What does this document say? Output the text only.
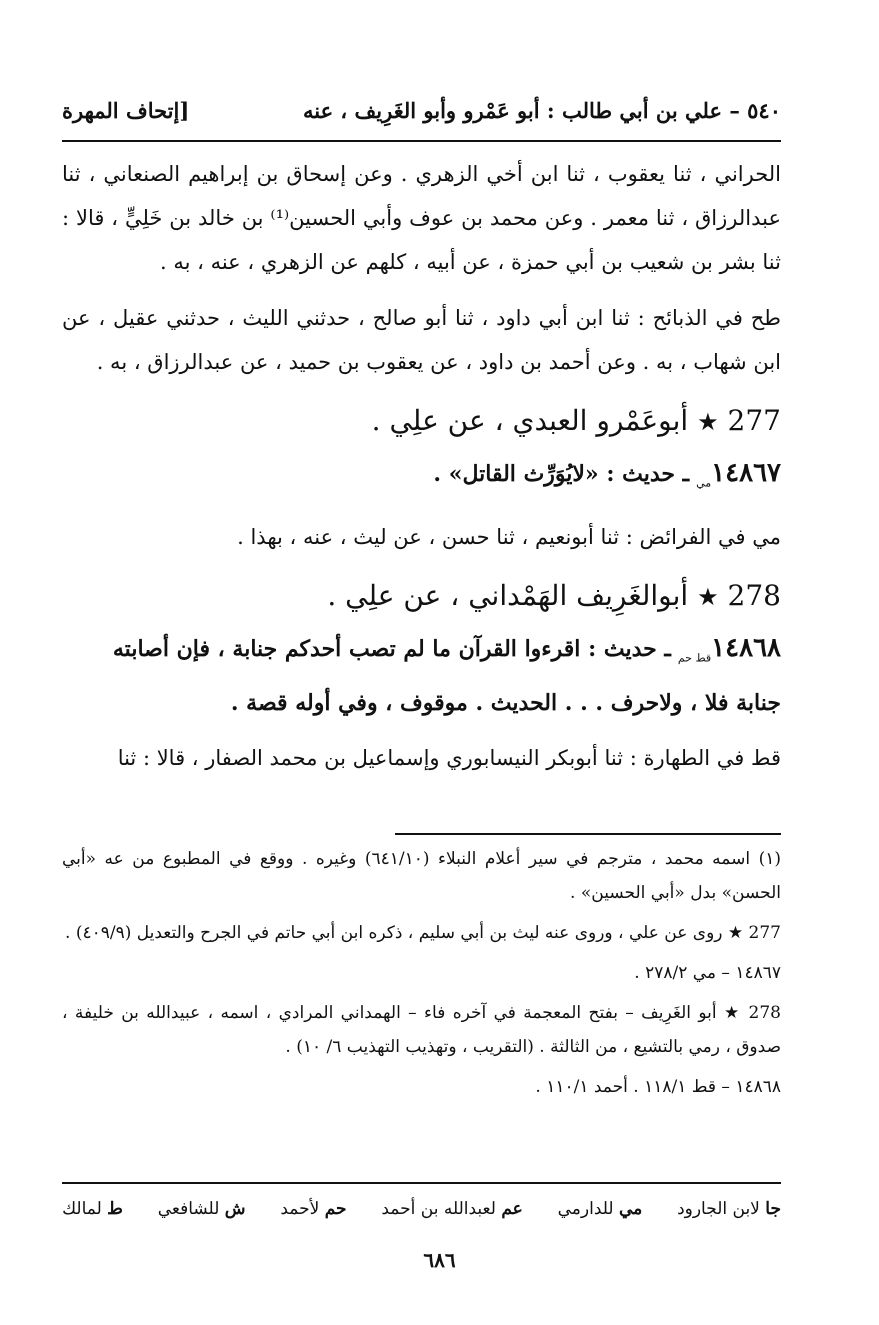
٥٤٠ – علي بن أبي طالب : أبو عَمْرو وأبو الغَرِيف ، عنه
[إتحاف المهرة

الحراني ، ثنا يعقوب ، ثنا ابن أخي الزهري . وعن إسحاق بن إبراهيم الصنعاني ، ثنا عبدالرزاق ، ثنا معمر . وعن محمد بن عوف وأبي الحسين⁽¹⁾ بن خالد بن خَلِيٍّ ، قالا : ثنا بشر بن شعيب بن أبي حمزة ، عن أبيه ، كلهم عن الزهري ، عنه ، به .

طح في الذبائح : ثنا ابن أبي داود ، ثنا أبو صالح ، حدثني الليث ، حدثني عقيل ، عن ابن شهاب ، به . وعن أحمد بن داود ، عن يعقوب بن حميد ، عن عبدالرزاق ، به .

277 ★ أبوعَمْرو العبدي ، عن علِي .
$١٤٨٦٧_{مي}$ ـ حديث : «لايُوَرِّث القاتل» .

مي في الفرائض : ثنا أبونعيم ، ثنا حسن ، عن ليث ، عنه ، بهذا .

278 ★ أبوالغَرِيف الهَمْداني ، عن علِي .
$١٤٨٦٨_{قط حم}$ ـ حديث : اقرءوا القرآن ما لم تصب أحدكم جنابة ، فإن أصابته جنابة فلا ، ولاحرف . . . الحديث . موقوف ، وفي أوله قصة .

قط في الطهارة : ثنا أبوبكر النيسابوري وإسماعيل بن محمد الصفار ، قالا : ثنا

(١) اسمه محمد ، مترجم في سير أعلام النبلاء (٦٤١/١٠) وغيره . ووقع في المطبوع من عه «أبي الحسن» بدل «أبي الحسين» .

277 ★ روى عن علي ، وروى عنه ليث بن أبي سليم ، ذكره ابن أبي حاتم في الجرح والتعديل (٤٠٩/٩) .

١٤٨٦٧ – مي ٢٧٨/٢ .

278 ★ أبو الغَرِيف – بفتح المعجمة في آخره فاء – الهمداني المرادي ، اسمه ، عبيدالله بن خليفة ، صدوق ، رمي بالتشيع ، من الثالثة . (التقريب ، وتهذيب التهذيب ٦/ ١٠) .

١٤٨٦٨ – قط ١١٨/١ . أحمد ١١٠/١ .

ط لمالك	ش للشافعي	حم لأحمد	عم لعبدالله بن أحمد	مي للدارمي	جا لابن الجارود
٦٨٦
